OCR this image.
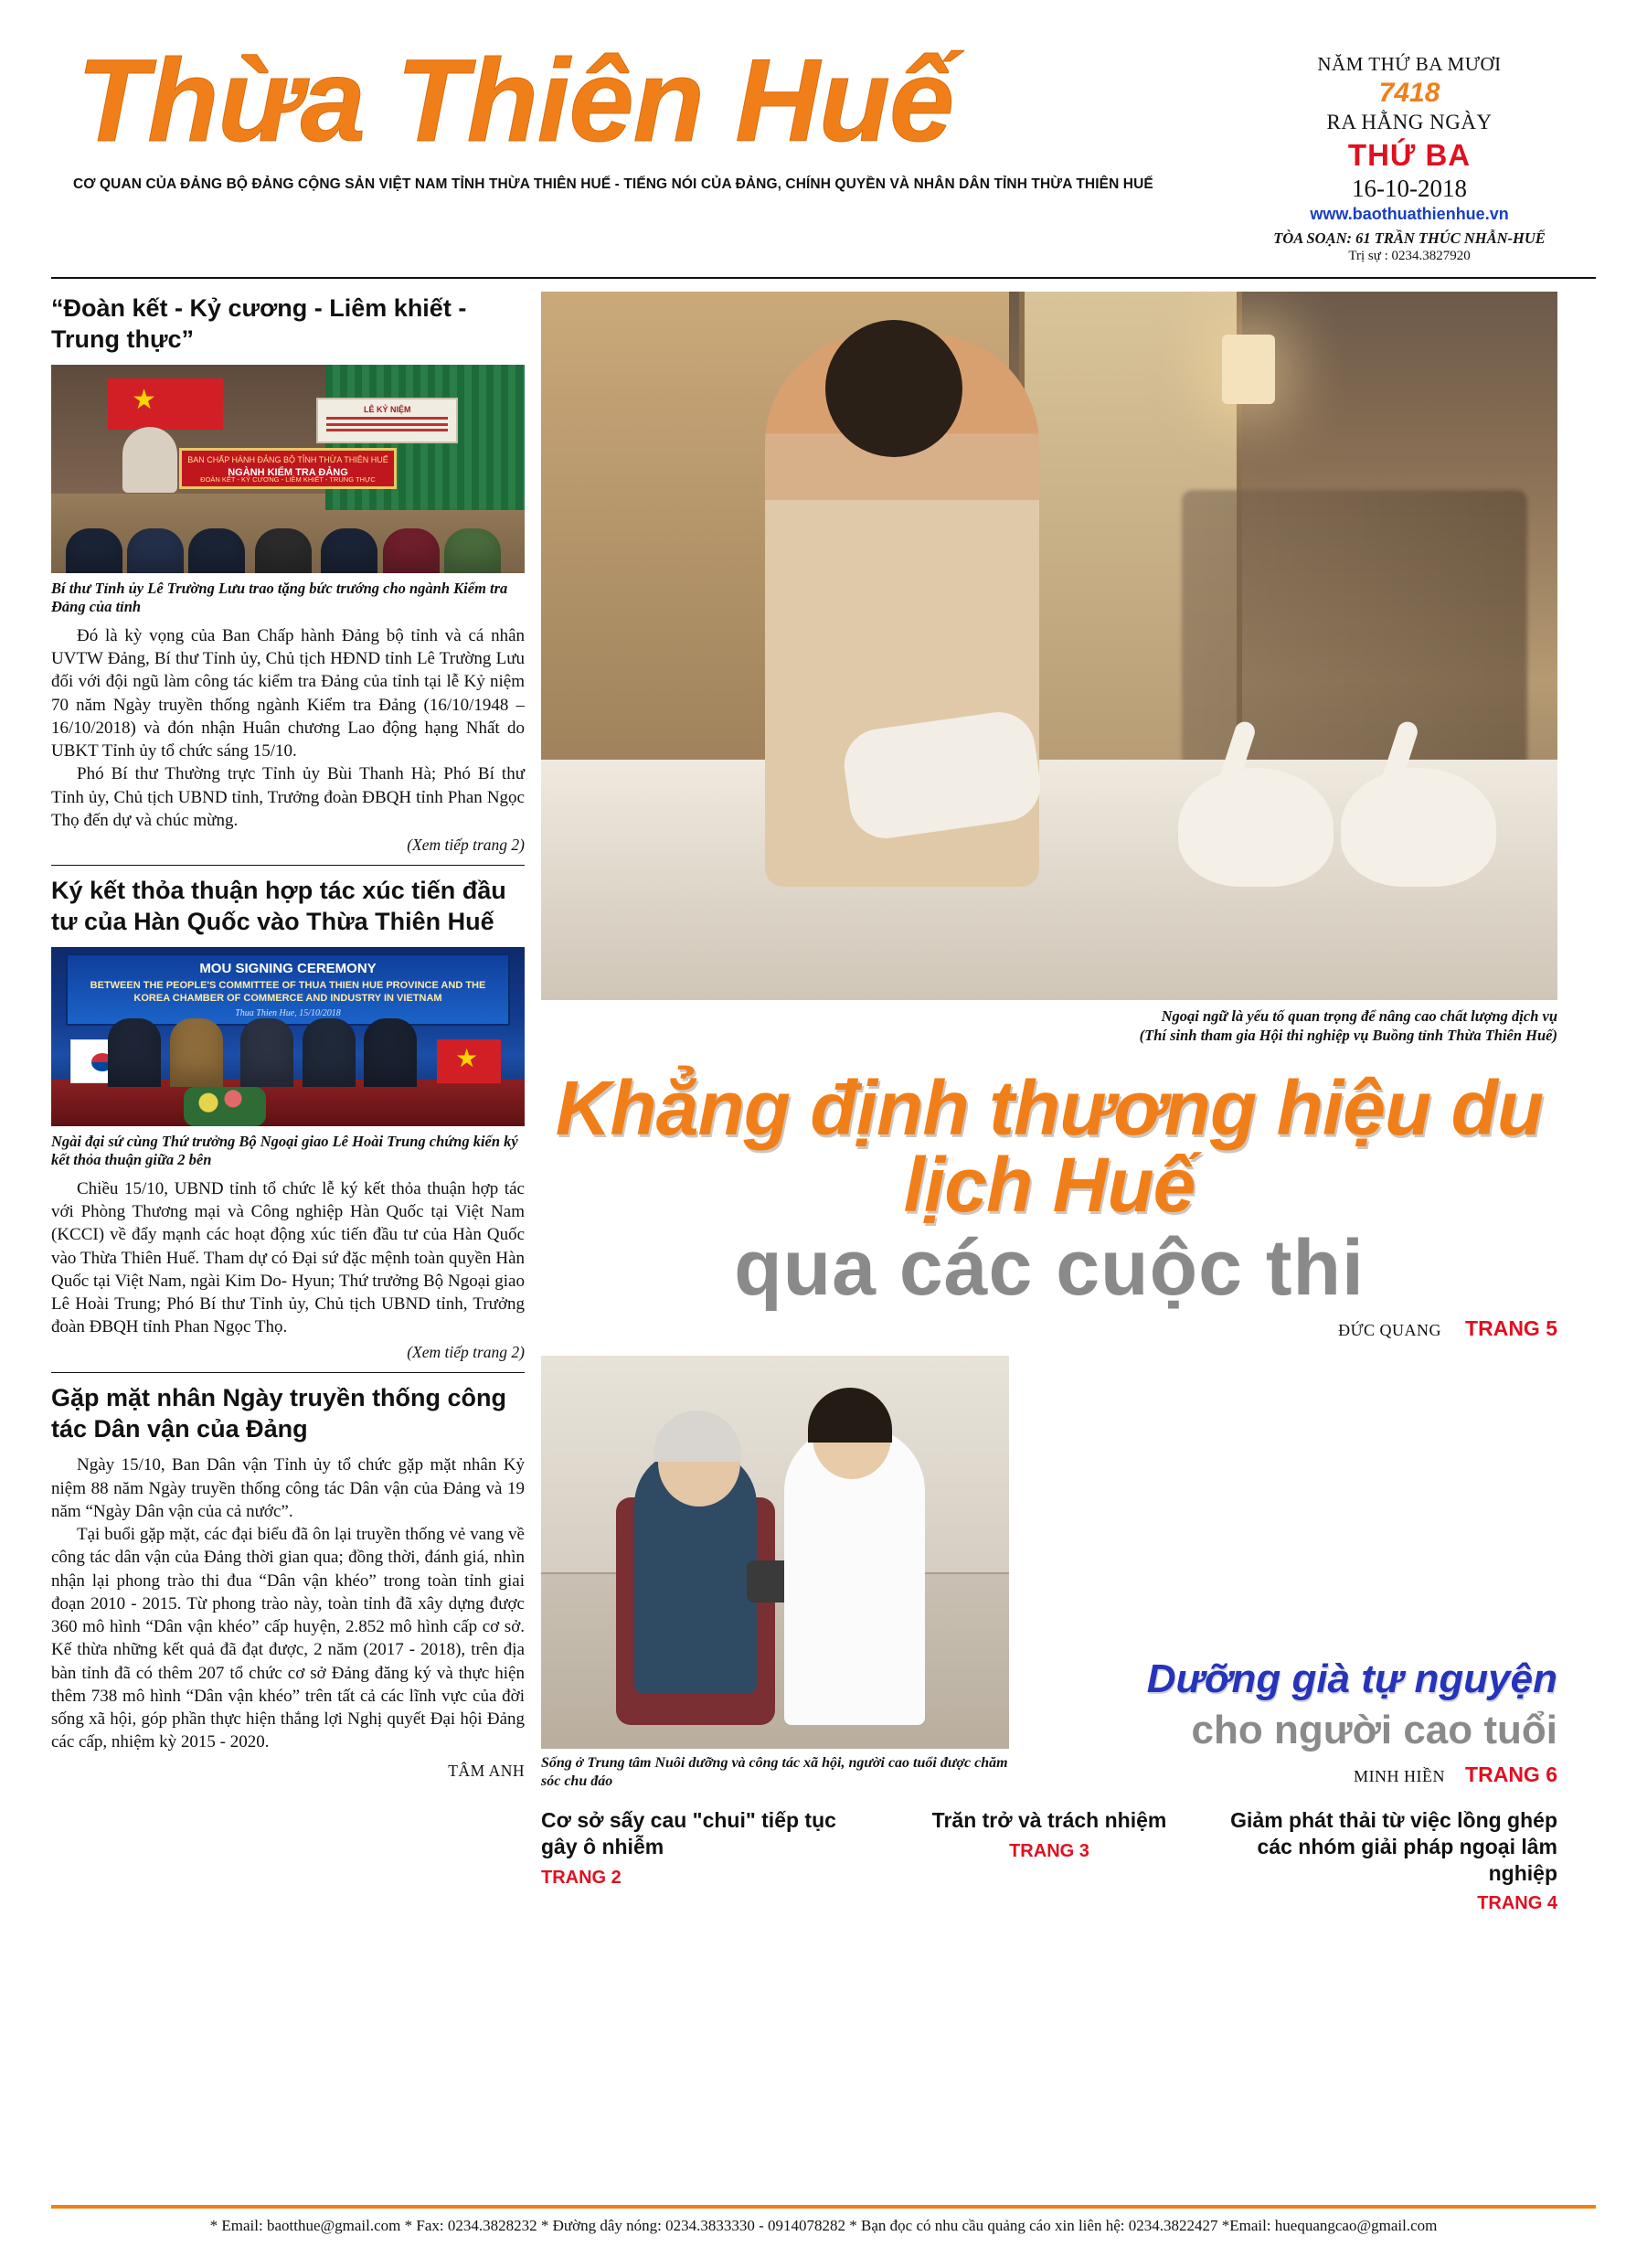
Thừa Thiên Huế
CƠ QUAN CỦA ĐẢNG BỘ ĐẢNG CỘNG SẢN VIỆT NAM TỈNH THỪA THIÊN HUẾ - TIẾNG NÓI CỦA ĐẢNG, CHÍNH QUYỀN VÀ NHÂN DÂN TỈNH THỪA THIÊN HUẾ
NĂM THỨ BA MƯƠI
7418
RA HẰNG NGÀY
THỨ BA
16-10-2018
www.baothuathienhue.vn
TÒA SOẠN: 61 TRẦN THÚC NHẪN-HUẾ
Trị sự : 0234.3827920
“Đoàn kết - Kỷ cương - Liêm khiết - Trung thực”
★
LỄ KỶ NIỆM
BAN CHẤP HÀNH ĐẢNG BỘ TỈNH THỪA THIÊN HUẾ
NGÀNH KIỂM TRA ĐẢNG
ĐOÀN KẾT - KỶ CƯƠNG - LIÊM KHIẾT - TRUNG THỰC
Bí thư Tỉnh ủy Lê Trường Lưu trao tặng bức trướng cho ngành Kiểm tra Đảng của tỉnh

Đó là kỳ vọng của Ban Chấp hành Đảng bộ tỉnh và cá nhân UVTW Đảng, Bí thư Tỉnh ủy, Chủ tịch HĐND tỉnh Lê Trường Lưu đối với đội ngũ làm công tác kiểm tra Đảng của tỉnh tại lễ Kỷ niệm 70 năm Ngày truyền thống ngành Kiểm tra Đảng (16/10/1948 – 16/10/2018) và đón nhận Huân chương Lao động hạng Nhất do UBKT Tỉnh ủy tổ chức sáng 15/10.

Phó Bí thư Thường trực Tỉnh ủy Bùi Thanh Hà; Phó Bí thư Tỉnh ủy, Chủ tịch UBND tỉnh, Trưởng đoàn ĐBQH tỉnh Phan Ngọc Thọ đến dự và chúc mừng.

(Xem tiếp trang 2)
Ký kết thỏa thuận hợp tác xúc tiến đầu tư của Hàn Quốc vào Thừa Thiên Huế
MOU SIGNING CEREMONY
BETWEEN THE PEOPLE'S COMMITTEE OF THUA THIEN HUE PROVINCE AND THE KOREA CHAMBER OF COMMERCE AND INDUSTRY IN VIETNAM
Thua Thien Hue, 15/10/2018
★
Ngài đại sứ cùng Thứ trưởng Bộ Ngoại giao Lê Hoài Trung chứng kiến ký kết thỏa thuận giữa 2 bên

Chiều 15/10, UBND tỉnh tổ chức lễ ký kết thỏa thuận hợp tác với Phòng Thương mại và Công nghiệp Hàn Quốc tại Việt Nam (KCCI) về đẩy mạnh các hoạt động xúc tiến đầu tư của Hàn Quốc vào Thừa Thiên Huế. Tham dự có Đại sứ đặc mệnh toàn quyền Hàn Quốc tại Việt Nam, ngài Kim Do- Hyun; Thứ trưởng Bộ Ngoại giao Lê Hoài Trung; Phó Bí thư Tỉnh ủy, Chủ tịch UBND tỉnh, Trưởng đoàn ĐBQH tỉnh Phan Ngọc Thọ.

(Xem tiếp trang 2)
Gặp mặt nhân Ngày truyền thống công tác Dân vận của Đảng

Ngày 15/10, Ban Dân vận Tỉnh ủy tổ chức gặp mặt nhân Kỷ niệm 88 năm Ngày truyền thống công tác Dân vận của Đảng và 19 năm “Ngày Dân vận của cả nước”.

Tại buổi gặp mặt, các đại biểu đã ôn lại truyền thống vẻ vang về công tác dân vận của Đảng thời gian qua; đồng thời, đánh giá, nhìn nhận lại phong trào thi đua “Dân vận khéo” trong toàn tỉnh giai đoạn 2010 - 2015. Từ phong trào này, toàn tỉnh đã xây dựng được 360 mô hình “Dân vận khéo” cấp huyện, 2.852 mô hình cấp cơ sở. Kế thừa những kết quả đã đạt được, 2 năm (2017 - 2018), trên địa bàn tỉnh đã có thêm 207 tổ chức cơ sở Đảng đăng ký và thực hiện thêm 738 mô hình “Dân vận khéo” trên tất cả các lĩnh vực của đời sống xã hội, góp phần thực hiện thắng lợi Nghị quyết Đại hội Đảng các cấp, nhiệm kỳ 2015 - 2020.

TÂM ANH
Ngoại ngữ là yếu tố quan trọng để nâng cao chất lượng dịch vụ
(Thí sinh tham gia Hội thi nghiệp vụ Buồng tỉnh Thừa Thiên Huế)
Khẳng định thương hiệu du lịch Huế
qua các cuộc thi
ĐỨC QUANG TRANG 5
Sống ở Trung tâm Nuôi dưỡng và công tác xã hội, người cao tuổi được chăm sóc chu đáo
Dưỡng già tự nguyện
cho người cao tuổi
MINH HIỀN TRANG 6
Cơ sở sấy cau "chui" tiếp tục gây ô nhiễm
TRANG 2
Trăn trở và trách nhiệm
TRANG 3
Giảm phát thải từ việc lồng ghép các nhóm giải pháp ngoại lâm nghiệp
TRANG 4
* Email: baotthue@gmail.com * Fax: 0234.3828232 * Đường dây nóng: 0234.3833330 - 0914078282 * Bạn đọc có nhu cầu quảng cáo xin liên hệ: 0234.3822427 *Email: huequangcao@gmail.com
